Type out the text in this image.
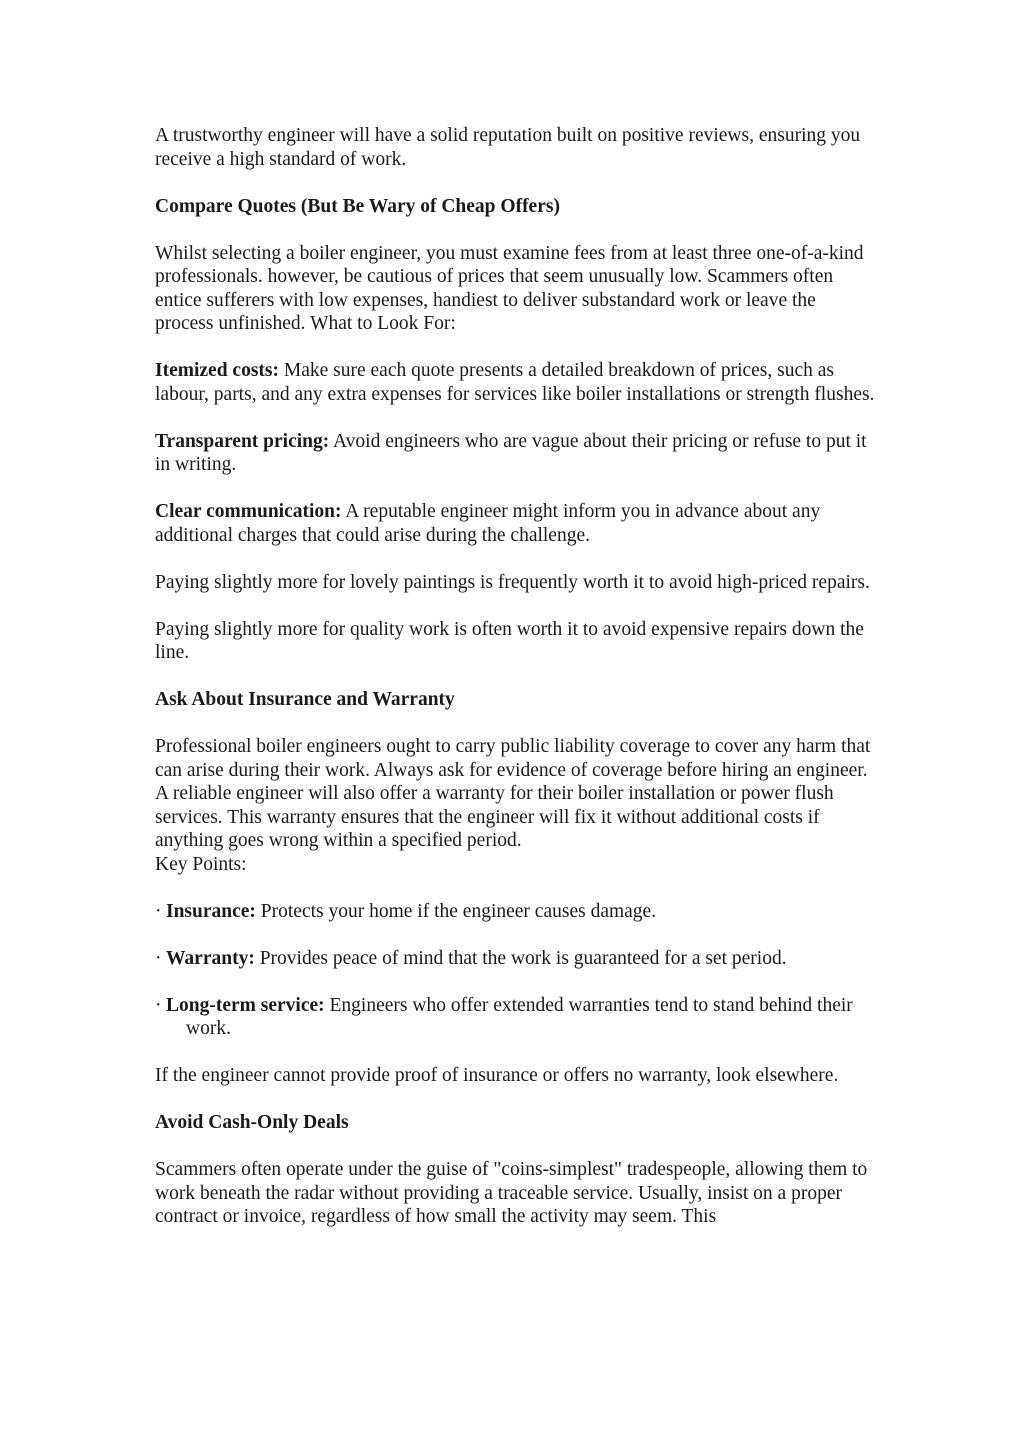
A trustworthy engineer will have a solid reputation built on positive reviews, ensuring you receive a high standard of work.

Compare Quotes (But Be Wary of Cheap Offers)

Whilst selecting a boiler engineer, you must examine fees from at least three one-of-a-kind professionals. however, be cautious of prices that seem unusually low. Scammers often entice sufferers with low expenses, handiest to deliver substandard work or leave the process unfinished. What to Look For:

Itemized costs: Make sure each quote presents a detailed breakdown of prices, such as labour, parts, and any extra expenses for services like boiler installations or strength flushes.

Transparent pricing: Avoid engineers who are vague about their pricing or refuse to put it in writing.

Clear communication: A reputable engineer might inform you in advance about any additional charges that could arise during the challenge.

Paying slightly more for lovely paintings is frequently worth it to avoid high-priced repairs.

Paying slightly more for quality work is often worth it to avoid expensive repairs down the line.

Ask About Insurance and Warranty

Professional boiler engineers ought to carry public liability coverage to cover any harm that can arise during their work. Always ask for evidence of coverage before hiring an engineer. A reliable engineer will also offer a warranty for their boiler installation or power flush services. This warranty ensures that the engineer will fix it without additional costs if anything goes wrong within a specified period.

Key Points:

· Insurance: Protects your home if the engineer causes damage.

· Warranty: Provides peace of mind that the work is guaranteed for a set period.

· Long-term service: Engineers who offer extended warranties tend to stand behind their work.

If the engineer cannot provide proof of insurance or offers no warranty, look elsewhere.

Avoid Cash-Only Deals

Scammers often operate under the guise of "coins-simplest" tradespeople, allowing them to work beneath the radar without providing a traceable service. Usually, insist on a proper contract or invoice, regardless of how small the activity may seem. This
